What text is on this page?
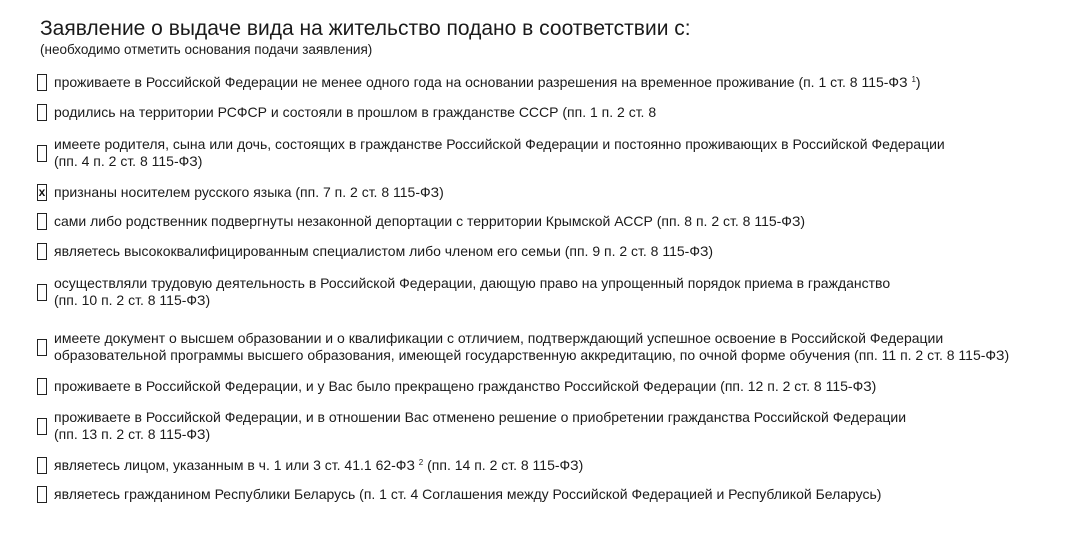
Заявление о выдаче вида на жительство подано в соответствии с:
(необходимо отметить основания подачи заявления)
проживаете в Российской Федерации не менее одного года на основании разрешения на временное проживание (п. 1 ст. 8 115-ФЗ $^1$)
родились на территории РСФСР и состояли в прошлом в гражданстве СССР (пп. 1 п. 2 ст. 8
имеете родителя, сына или дочь, состоящих в гражданстве Российской Федерации и постоянно проживающих в Российской Федерации
(пп. 4 п. 2 ст. 8 115-ФЗ)
x признаны носителем русского языка (пп. 7 п. 2 ст. 8 115-ФЗ)
сами либо родственник подвергнуты незаконной депортации с территории Крымской АССР (пп. 8 п. 2 ст. 8 115-ФЗ)
являетесь высококвалифицированным специалистом либо членом его семьи (пп. 9 п. 2 ст. 8 115-ФЗ)
осуществляли трудовую деятельность в Российской Федерации, дающую право на упрощенный порядок приема в гражданство
(пп. 10 п. 2 ст. 8 115-ФЗ)
имеете документ о высшем образовании и о квалификации с отличием, подтверждающий успешное освоение в Российской Федерации
образовательной программы высшего образования, имеющей государственную аккредитацию, по очной форме обучения (пп. 11 п. 2 ст. 8 115-ФЗ)
проживаете в Российской Федерации, и у Вас было прекращено гражданство Российской Федерации (пп. 12 п. 2 ст. 8 115-ФЗ)
проживаете в Российской Федерации, и в отношении Вас отменено решение о приобретении гражданства Российской Федерации
(пп. 13 п. 2 ст. 8 115-ФЗ)
являетесь лицом, указанным в ч. 1 или 3 ст. 41.1 62-ФЗ $^2$ (пп. 14 п. 2 ст. 8 115-ФЗ)
являетесь гражданином Республики Беларусь (п. 1 ст. 4 Соглашения между Российской Федерацией и Республикой Беларусь)
